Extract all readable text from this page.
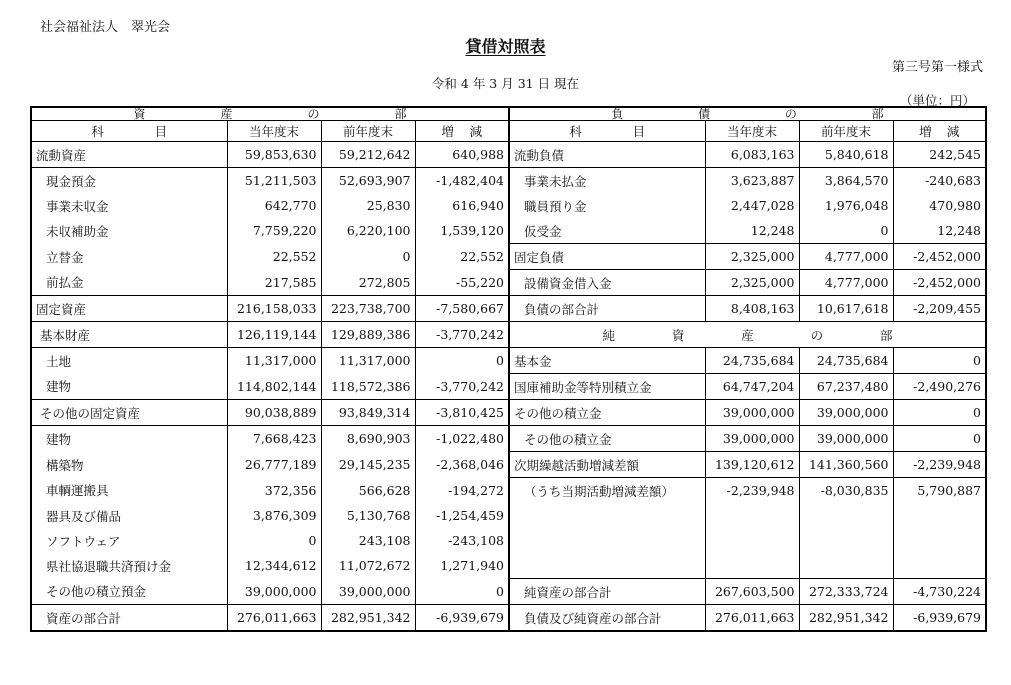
社会福祉法人　翠光会
貸借対照表
第三号第一様式
令和 4 年 3 月 31 日 現在
（単位：円）
資 産 の 部				負 債 の 部			

科 目	当年度末	前年度末	増 減	科 目	当年度末	前年度末	増 減

流動資産	59,853,630	59,212,642	640,988	流動負債	6,083,163	5,840,618	242,545
現金預金	51,211,503	52,693,907	-1,482,404	事業未払金	3,623,887	3,864,570	-240,683
事業未収金	642,770	25,830	616,940	職員預り金	2,447,028	1,976,048	470,980
未収補助金	7,759,220	6,220,100	1,539,120	仮受金	12,248	0	12,248
立替金	22,552	0	22,552	固定負債	2,325,000	4,777,000	-2,452,000
前払金	217,585	272,805	-55,220	設備資金借入金	2,325,000	4,777,000	-2,452,000
固定資産	216,158,033	223,738,700	-7,580,667	負債の部合計	8,408,163	10,617,618	-2,209,455
基本財産	126,119,144	129,889,386	-3,770,242	純 資 産 の 部			

土地	11,317,000	11,317,000	0	基本金	24,735,684	24,735,684	0
建物	114,802,144	118,572,386	-3,770,242	国庫補助金等特別積立金	64,747,204	67,237,480	-2,490,276
その他の固定資産	90,038,889	93,849,314	-3,810,425	その他の積立金	39,000,000	39,000,000	0
建物	7,668,423	8,690,903	-1,022,480	その他の積立金	39,000,000	39,000,000	0
構築物	26,777,189	29,145,235	-2,368,046	次期繰越活動増減差額	139,120,612	141,360,560	-2,239,948
車輌運搬具	372,356	566,628	-194,272	（うち当期活動増減差額）	-2,239,948	-8,030,835	5,790,887
器具及び備品	3,876,309	5,130,768	-1,254,459				
ソフトウェア	0	243,108	-243,108				
県社協退職共済預け金	12,344,612	11,072,672	1,271,940				
その他の積立預金	39,000,000	39,000,000	0	純資産の部合計	267,603,500	272,333,724	-4,730,224
資産の部合計	276,011,663	282,951,342	-6,939,679	負債及び純資産の部合計	276,011,663	282,951,342	-6,939,679
